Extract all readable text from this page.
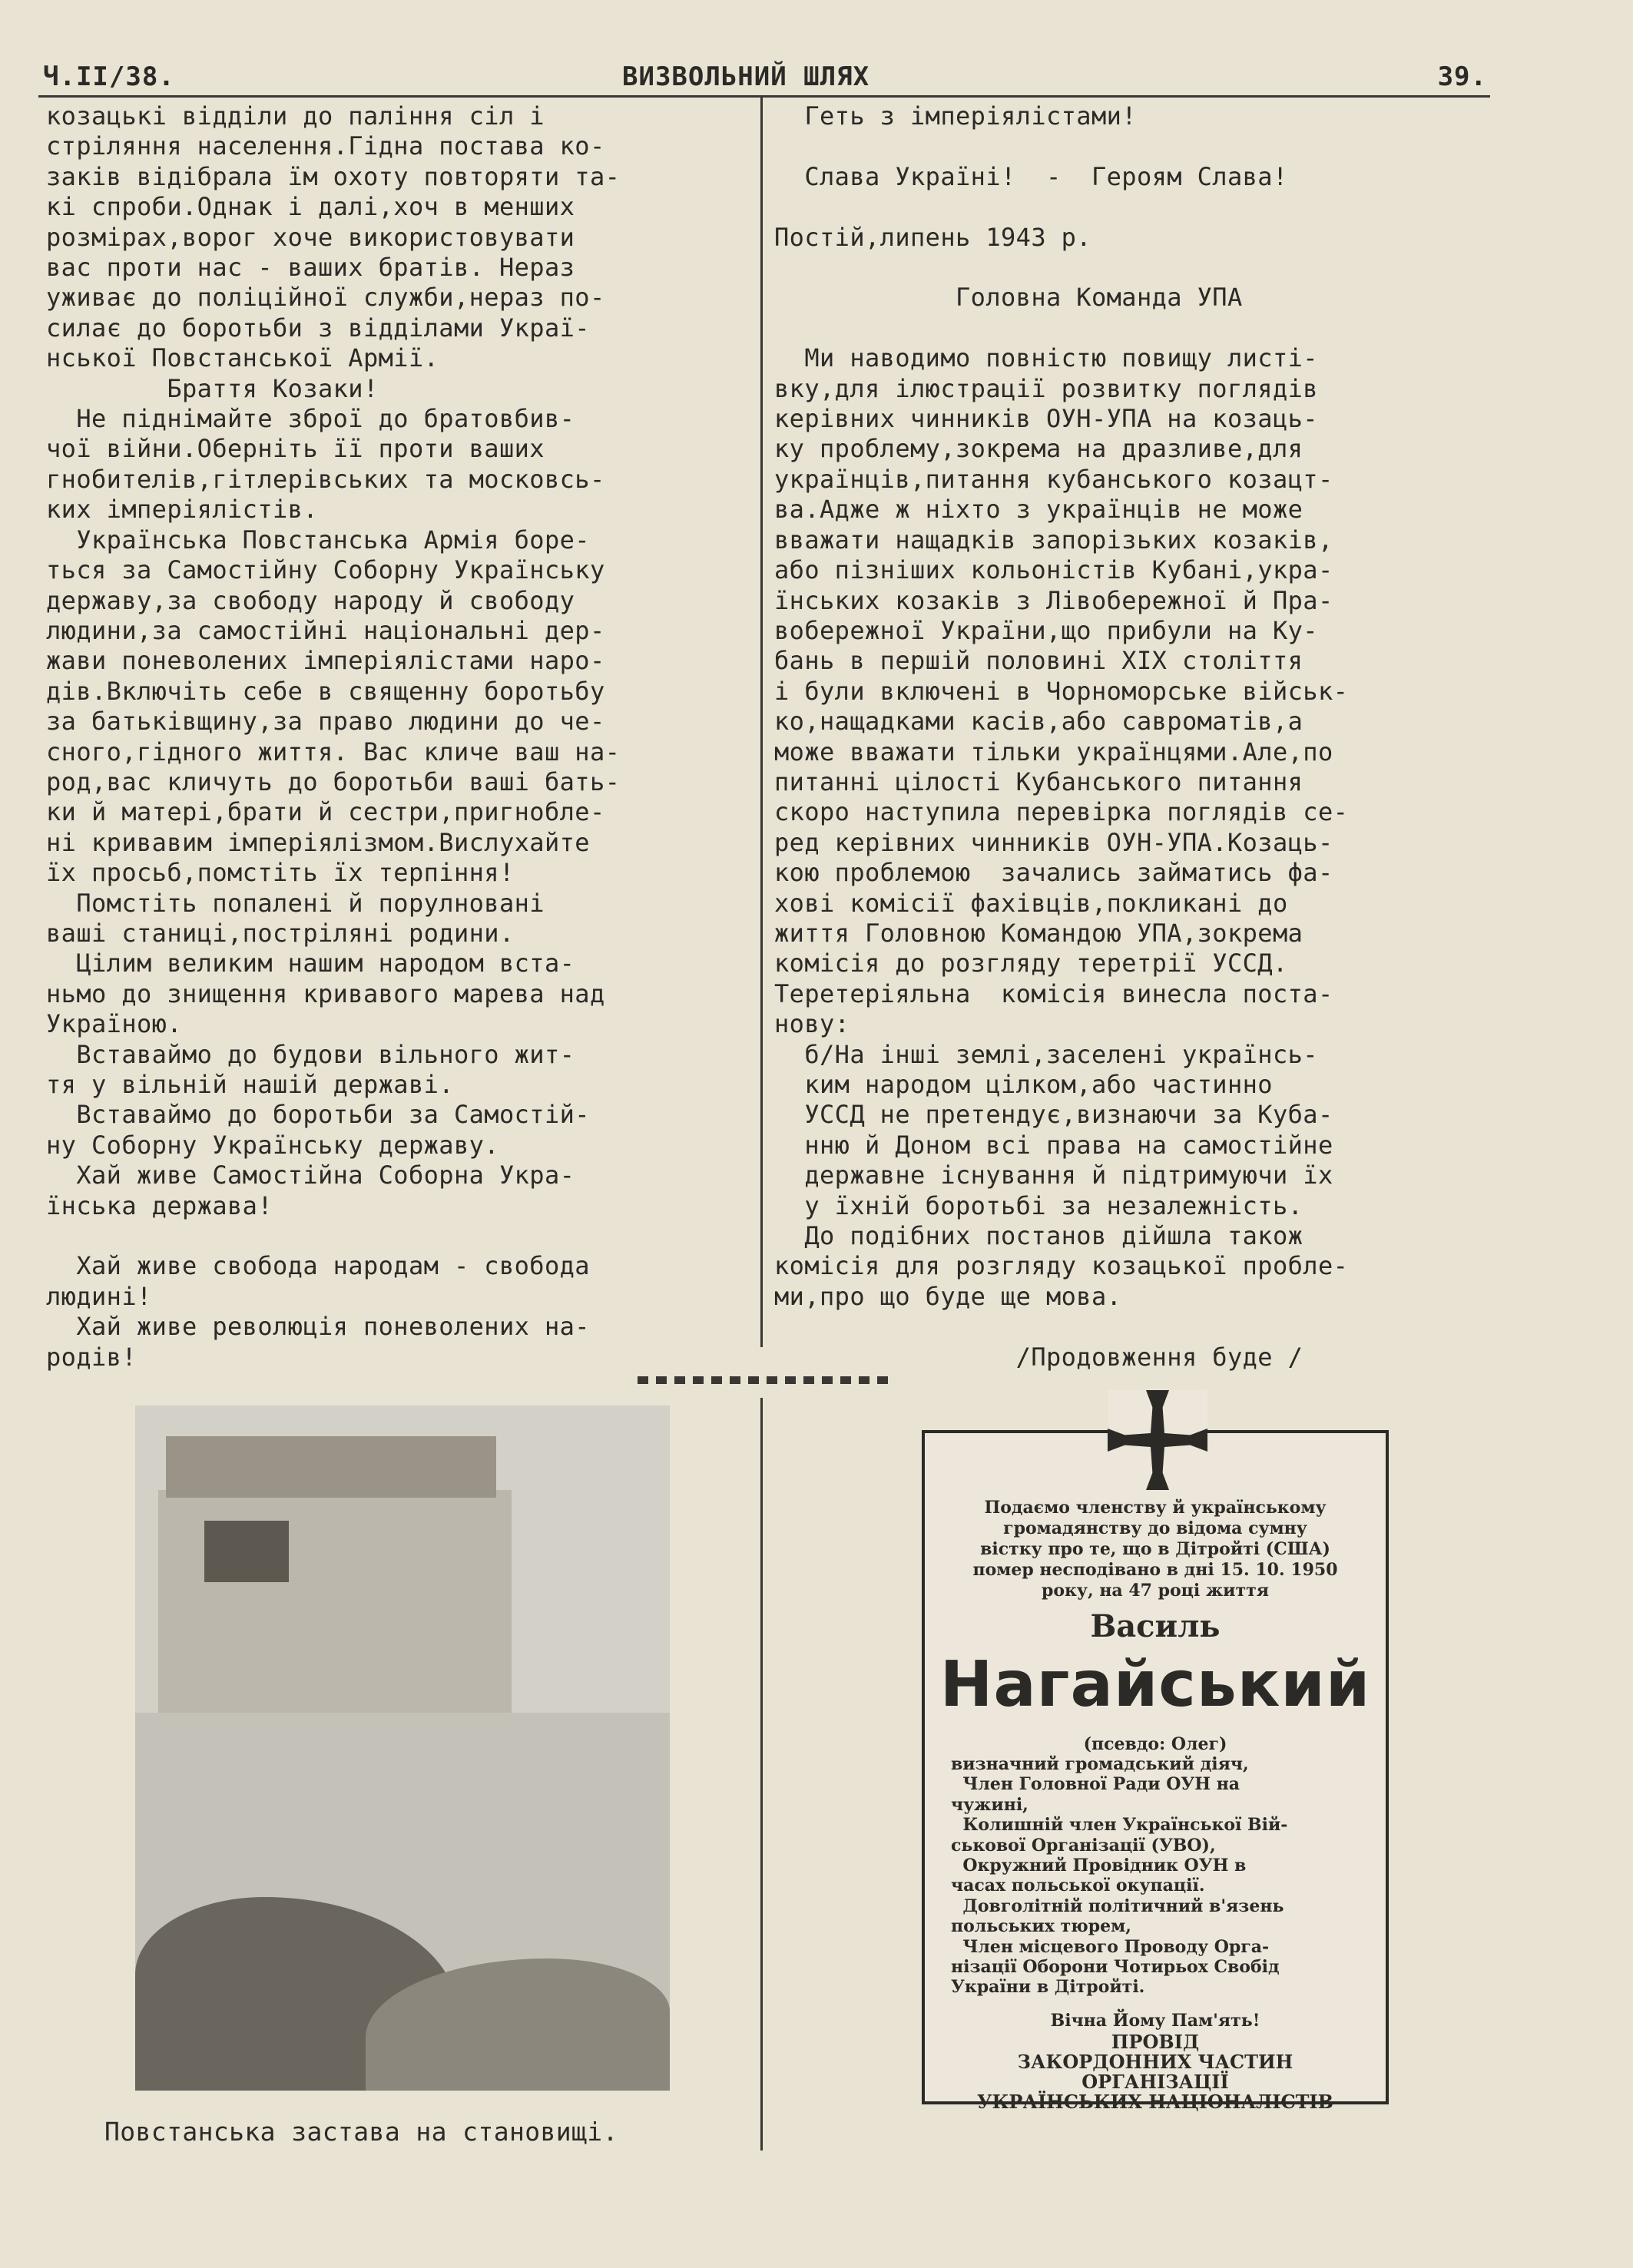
Ч.II/38.	ВИЗВОЛЬНИЙ ШЛЯХ	39.

козацькі відділи до паління сіл і

стріляння населення.Гідна постава ко-

заків відібрала їм охоту повторяти та-

кі спроби.Однак і далі,хоч в менших

розмірах,ворог хоче використовувати

вас проти нас - ваших братів. Нераз

уживає до поліційної служби,нераз по-

силає до боротьби з відділами Украї-

нської Повстанської Армії.

Браття Козаки!

Не піднімайте зброї до братовбив-

чої війни.Оберніть її проти ваших

гнобителів,гітлерівських та московсь-

ких імперіялістів.

Українська Повстанська Армія боре-

ться за Самостійну Соборну Українську

державу,за свободу народу й свободу

людини,за самостійні національні дер-

жави поневолених імперіялістами наро-

дів.Включіть себе в священну боротьбу

за батьківщину,за право людини до че-

сного,гідного життя. Вас кличе ваш на-

род,вас кличуть до боротьби ваші бать-

ки й матері,брати й сестри,пригноблe-

ні кривавим імперіялізмом.Вислухайте

їх просьб,помстіть їх терпіння!

Помстіть попалені й порулновані

ваші станиці,постріляні родини.

Цілим великим нашим народом вста-

ньмо до знищення кривавого марева над

Україною.

Вставаймо до будови вільного жит-

тя у вільній нашій державі.

Вставаймо до боротьби за Самостій-

ну Соборну Українську державу.

Хай живе Самостійна Соборна Укра-

їнська держава!

Хай живе свобода народам - свобода

людині!

Хай живе революція поневолених на-

родів!

Геть з імперіялістами!

Слава Україні!  -  Героям Слава!

Постій,липень 1943 р.

Головна Команда УПА

Ми наводимо повністю повищу листі-

вку,для ілюстрації розвитку поглядів

керівних чинників ОУН-УПА на козаць-

ку проблему,зокрема на дразливе,для

українців,питання кубанського козацт-

ва.Адже ж ніхто з українців не може

вважати нащадків запорізьких козаків,

або пізніших кольоністів Кубані,укра-

їнських козаків з Лівобережної й Пра-

вобережної України,що прибули на Ку-

бань в першій половині XIX століття

і були включені в Чорноморське військ-

ко,нащадками касів,або савроматів,а

може вважати тільки українцями.Але,по

питанні цілості Кубанського питання

скоро наступила перевірка поглядів се-

ред керівних чинників ОУН-УПА.Козаць-

кою проблемою  зачались займатись фа-

хові комісії фахівців,покликані до

життя Головною Командою УПА,зокрема

комісія до розгляду теретрії УССД.

Теретеріяльна  комісія винесла поста-

нову:

б/На інші землі,заселені українсь-

ким народом цілком,або частинно

УССД не претендує,визнаючи за Куба-

нню й Доном всі права на самостійне

державне існування й підтримуючи їх

у їхній боротьбі за незалежність.

До подібних постанов дійшла також

комісія для розгляду козацької пробле-

ми,про що буде ще мова.

/Продовження буде /

Повстанська застава на становищі.
Подаємо членству й українському
громадянству до відома сумну
вістку про те, що в Дітройті (США)
помер несподівано в дні 15. 10. 1950
року, на 47 році життя
Василь
Нагайський
(псевдо: Олег)
визначний громадський діяч,
Член Головної Ради ОУН на
чужині,
Колишній член Української Вій-
ськової Організації (УВО),
Окружний Провідник ОУН в
часах польської окупації.
Довголітній політичний в'язень
польських тюрем,
Член місцевого Проводу Орга-
нізації Оборони Чотирьох Свобід
України в Дітройті.
Вічна Йому Пам'ять!
ПРОВІД
ЗАКОРДОННИХ ЧАСТИН
ОРГАНІЗАЦІЇ
УКРАЇНСЬКИХ НАЦІОНАЛІСТІВ
